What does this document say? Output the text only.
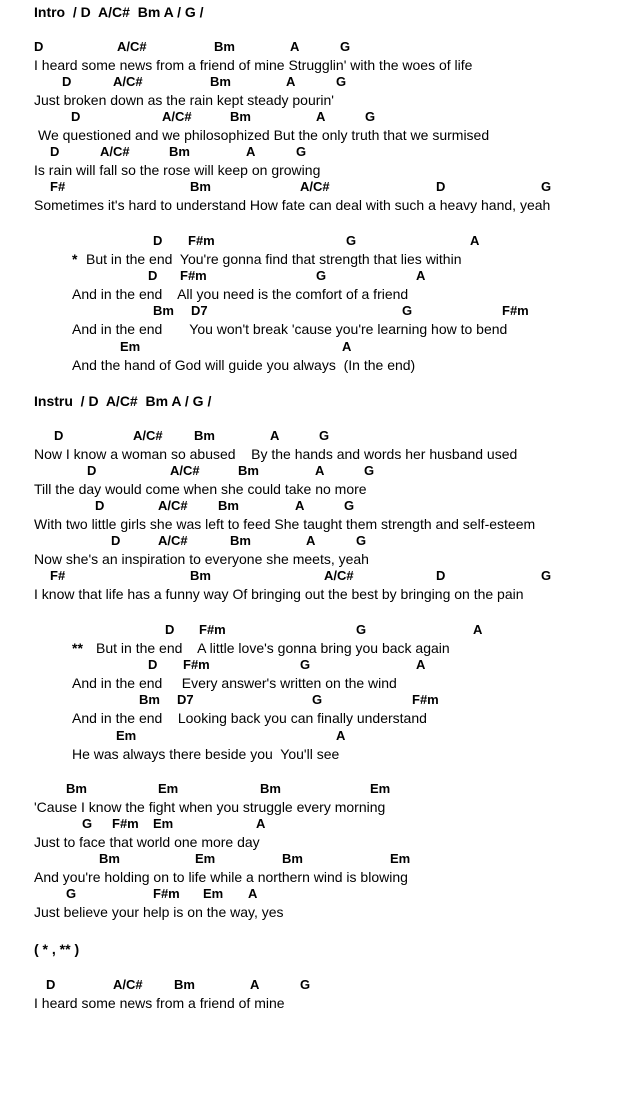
Intro  / D  A/C#  Bm A / G /

D

	A/C#

	Bm

	A

	G

I heard some news from a friend of mine Strugglin' with the woes of life

D

	A/C#

	Bm

	A

	G

Just broken down as the rain kept steady pourin'

D

	A/C#

	Bm

	A

	G

We questioned and we philosophized But the only truth that we surmised

D

	A/C#

	Bm

	A

	G

Is rain will fall so the rose will keep on growing

F#

	Bm

	A/C#

	D

	G

Sometimes it's hard to understand How fate can deal with such a heavy hand, yeah

D

F#m

	G

	A

*

But in the end  You're gonna find that strength that lies within

D

F#m

	G

	A

And in the end    All you need is the comfort of a friend

Bm

D7

	G

	F#m

And in the end       You won't break 'cause you're learning how to bend

Em

	A

And the hand of God will guide you always  (In the end)

Instru  / D  A/C#  Bm A / G /

D

	A/C#

Bm

	A

	G

Now I know a woman so abused    By the hands and words her husband used

D

	A/C#

	Bm

	A

	G

Till the day would come when she could take no more

D

	A/C#

Bm

	A

	G

With two little girls she was left to feed She taught them strength and self-esteem

D

	A/C#

	Bm

	A

	G

Now she's an inspiration to everyone she meets, yeah

F#

	Bm

	A/C#

	D

	G

I know that life has a funny way Of bringing out the best by bringing on the pain

D

F#m

	G

	A

**

But in the end    A little love's gonna bring you back again

D

F#m

	G

	A

And in the end     Every answer's written on the wind

Bm

D7

	G

	F#m

And in the end    Looking back you can finally understand

Em

	A

He was always there beside you  You'll see

Bm

	Em

	Bm

	Em

'Cause I know the fight when you struggle every morning

G

F#m

Em

	A

Just to face that world one more day

Bm

	Em

	Bm

	Em

And you're holding on to life while a northern wind is blowing

G

	F#m

Em

A

Just believe your help is on the way, yes

( * , ** )

D

	A/C#

Bm

	A

	G

I heard some news from a friend of mine
